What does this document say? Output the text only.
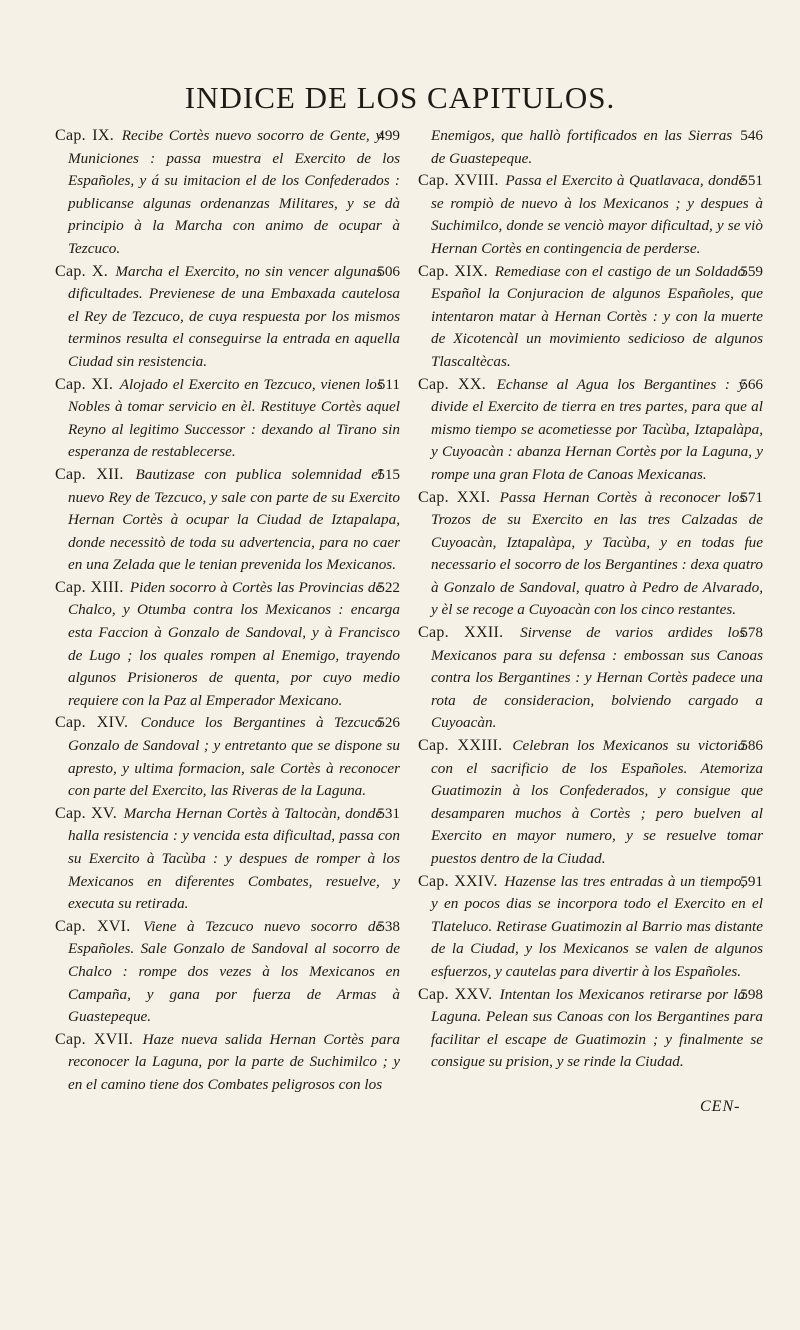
INDICE DE LOS CAPITULOS.

499
Cap. IX. Recibe Cortès nuevo socorro de Gente, y Municiones : passa muestra el Exercito de los Españoles, y á su imitacion el de los Confederados : publicanse algunas ordenanzas Militares, y se dà principio à la Marcha con animo de ocupar à Tezcuco.

506
Cap. X. Marcha el Exercito, no sin vencer algunas dificultades. Previenese de una Embaxada cautelosa el Rey de Tezcuco, de cuya respuesta por los mismos terminos resulta el conseguirse la entrada en aquella Ciudad sin resistencia.

511
Cap. XI. Alojado el Exercito en Tezcuco, vienen los Nobles à tomar servicio en èl. Restituye Cortès aquel Reyno al legitimo Successor : dexando al Tirano sin esperanza de restablecerse.

515
Cap. XII. Bautizase con publica solemnidad el nuevo Rey de Tezcuco, y sale con parte de su Exercito Hernan Cortès à ocupar la Ciudad de Iztapalapa, donde necessitò de toda su advertencia, para no caer en una Zelada que le tenian prevenida los Mexicanos.

522
Cap. XIII. Piden socorro à Cortès las Provincias de Chalco, y Otumba contra los Mexicanos : encarga esta Faccion à Gonzalo de Sandoval, y à Francisco de Lugo ; los quales rompen al Enemigo, trayendo algunos Prisioneros de quenta, por cuyo medio requiere con la Paz al Emperador Mexicano.

526
Cap. XIV. Conduce los Bergantines à Tezcuco Gonzalo de Sandoval ; y entretanto que se dispone su apresto, y ultima formacion, sale Cortès à reconocer con parte del Exercito, las Riveras de la Laguna.

531
Cap. XV. Marcha Hernan Cortès à Taltocàn, donde halla resistencia : y vencida esta dificultad, passa con su Exercito à Tacùba : y despues de romper à los Mexicanos en diferentes Combates, resuelve, y executa su retirada.

538
Cap. XVI. Viene à Tezcuco nuevo socorro de Españoles. Sale Gonzalo de Sandoval al socorro de Chalco : rompe dos vezes à los Mexicanos en Campaña, y gana por fuerza de Armas à Guastepeque.

Cap. XVII. Haze nueva salida Hernan Cortès para reconocer la Laguna, por la parte de Suchimilco ; y en el camino tiene dos Combates peligrosos con los

546
Enemigos, que hallò fortificados en las Sierras de Guastepeque.

551
Cap. XVIII. Passa el Exercito à Quatlavaca, donde se rompiò de nuevo à los Mexicanos ; y despues à Suchimilco, donde se venciò mayor dificultad, y se viò Hernan Cortès en contingencia de perderse.

559
Cap. XIX. Remediase con el castigo de un Soldado Español la Conjuracion de algunos Españoles, que intentaron matar à Hernan Cortès : y con la muerte de Xicotencàl un movimiento sedicioso de algunos Tlascaltècas.

566
Cap. XX. Echanse al Agua los Bergantines : y divide el Exercito de tierra en tres partes, para que al mismo tiempo se acometiesse por Tacùba, Iztapalàpa, y Cuyoacàn : abanza Hernan Cortès por la Laguna, y rompe una gran Flota de Canoas Mexicanas.

571
Cap. XXI. Passa Hernan Cortès à reconocer los Trozos de su Exercito en las tres Calzadas de Cuyoacàn, Iztapalàpa, y Tacùba, y en todas fue necessario el socorro de los Bergantines : dexa quatro à Gonzalo de Sandoval, quatro à Pedro de Alvarado, y èl se recoge a Cuyoacàn con los cinco restantes.

578
Cap. XXII. Sirvense de varios ardides los Mexicanos para su defensa : embossan sus Canoas contra los Bergantines : y Hernan Cortès padece una rota de consideracion, bolviendo cargado a Cuyoacàn.

586
Cap. XXIII. Celebran los Mexicanos su victoria con el sacrificio de los Españoles. Atemoriza Guatimozin à los Confederados, y consigue que desamparen muchos à Cortès ; pero buelven al Exercito en mayor numero, y se resuelve tomar puestos dentro de la Ciudad.

591
Cap. XXIV. Hazense las tres entradas à un tiempo, y en pocos dias se incorpora todo el Exercito en el Tlateluco. Retirase Guatimozin al Barrio mas distante de la Ciudad, y los Mexicanos se valen de algunos esfuerzos, y cautelas para divertir à los Españoles.

598
Cap. XXV. Intentan los Mexicanos retirarse por la Laguna. Pelean sus Canoas con los Bergantines para facilitar el escape de Guatimozin ; y finalmente se consigue su prision, y se rinde la Ciudad.

CEN-
